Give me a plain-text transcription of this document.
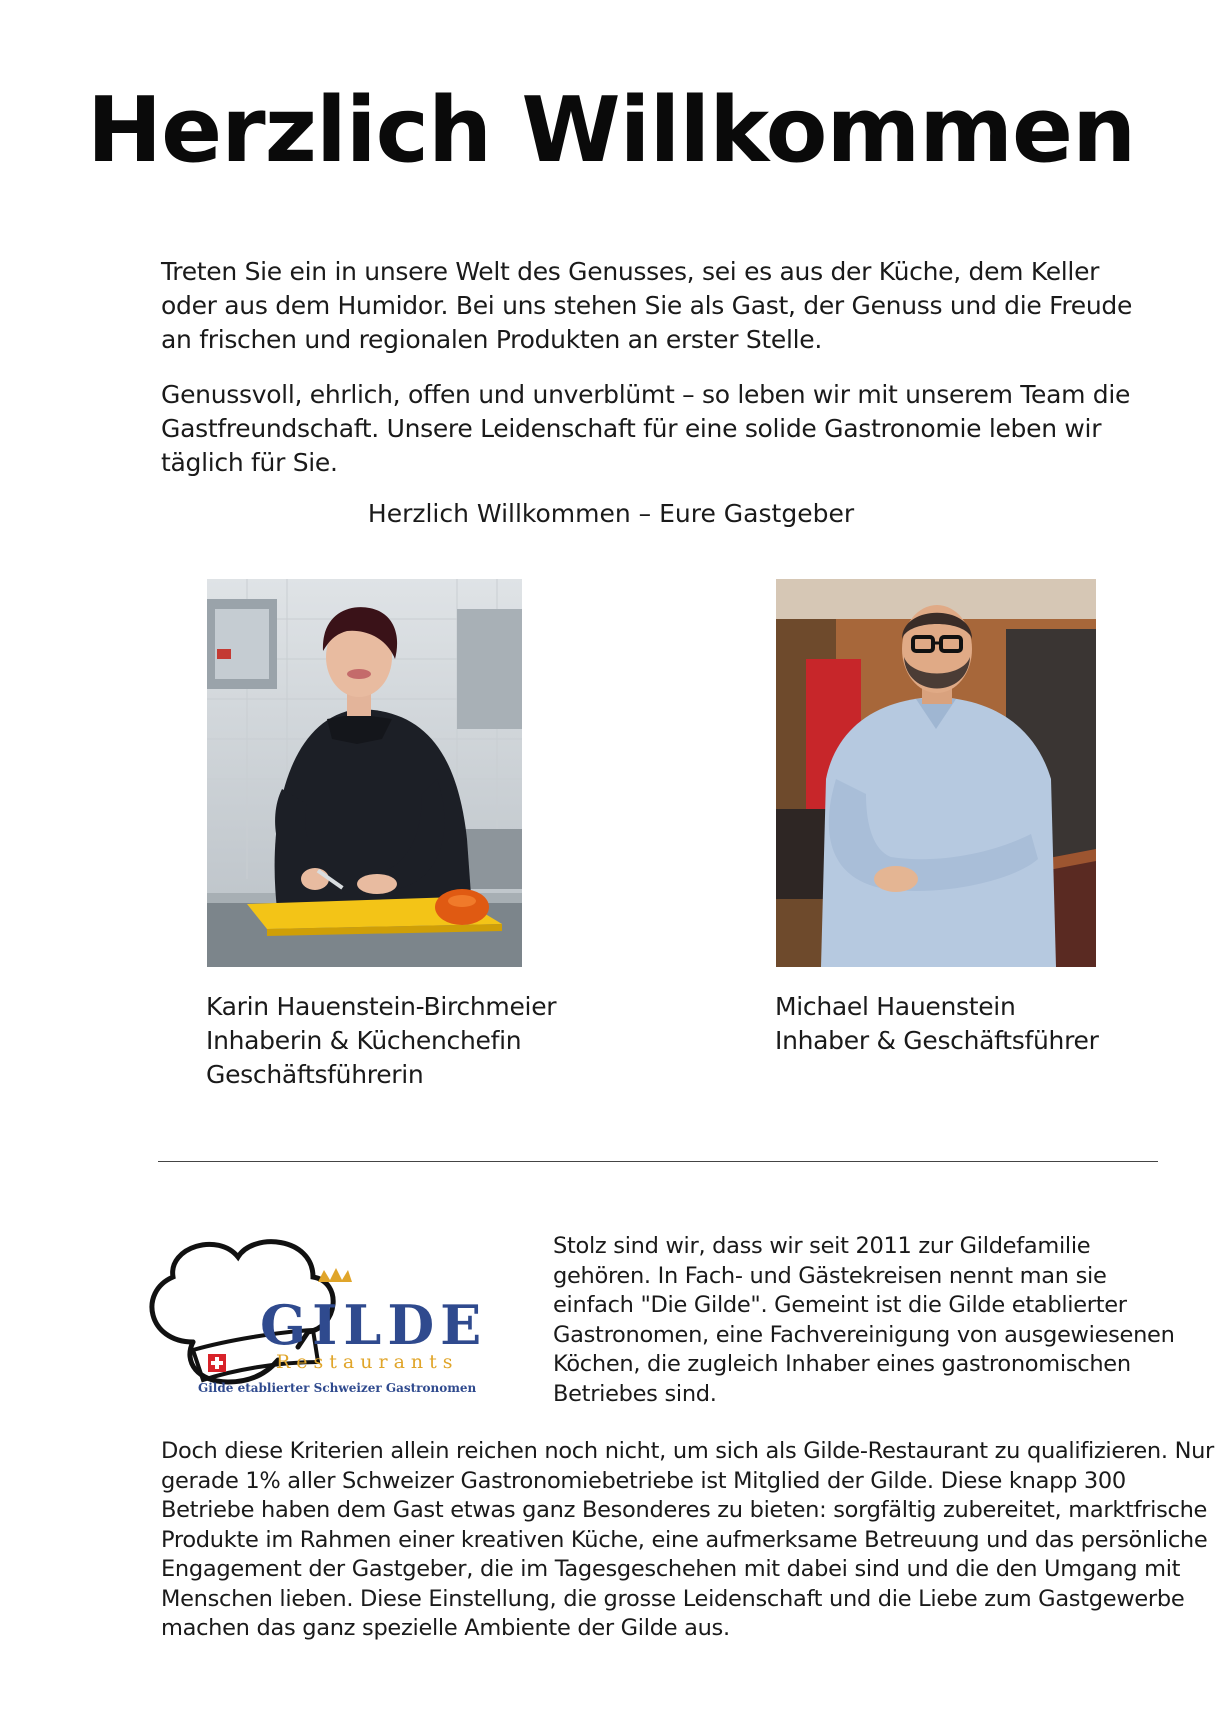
Herzlich Willkommen

Treten Sie ein in unsere Welt des Genusses, sei es aus der Küche, dem Keller oder aus dem Humidor. Bei uns stehen Sie als Gast, der Genuss und die Freude an frischen und regionalen Produkten an erster Stelle.

Genussvoll, ehrlich, offen und unverblümt – so leben wir mit unserem Team die Gastfreundschaft. Unsere Leidenschaft für eine solide Gastronomie leben wir täglich für Sie.

Herzlich Willkommen – Eure Gastgeber

Karin Hauenstein-Birchmeier
Inhaberin & Küchenchefin
Geschäftsführerin

Michael Hauenstein
Inhaber & Geschäftsführer

GILDE
Restaurants
Gilde etablierter Schweizer Gastronomen

Stolz sind wir, dass wir seit 2011 zur Gildefamilie
gehören. In Fach- und Gästekreisen nennt man sie
einfach "Die Gilde". Gemeint ist die Gilde etablierter
Gastronomen, eine Fachvereinigung von ausgewiesenen
Köchen, die zugleich Inhaber eines gastronomischen
Betriebes sind.

Doch diese Kriterien allein reichen noch nicht, um sich als Gilde-Restaurant zu qualifizieren. Nur
gerade 1% aller Schweizer Gastronomiebetriebe ist Mitglied der Gilde. Diese knapp 300
Betriebe haben dem Gast etwas ganz Besonderes zu bieten: sorgfältig zubereitet, marktfrische
Produkte im Rahmen einer kreativen Küche, eine aufmerksame Betreuung und das persönliche
Engagement der Gastgeber, die im Tagesgeschehen mit dabei sind und die den Umgang mit
Menschen lieben. Diese Einstellung, die grosse Leidenschaft und die Liebe zum Gastgewerbe
machen das ganz spezielle Ambiente der Gilde aus.
